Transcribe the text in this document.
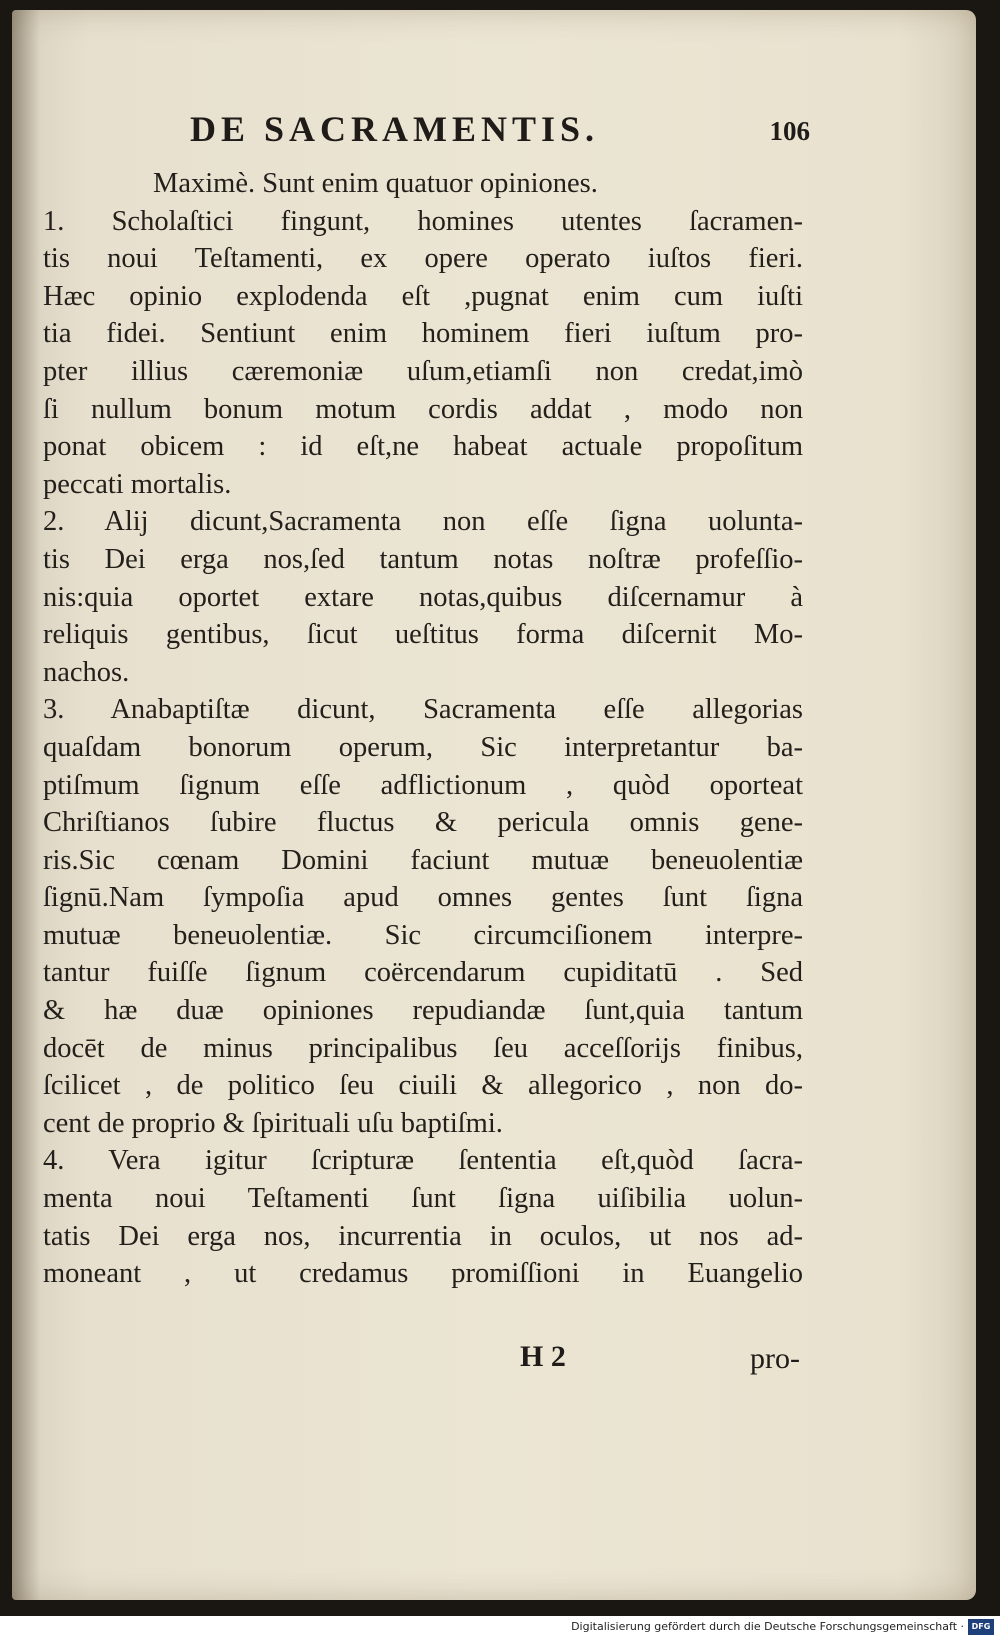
DE SACRAMENTIS.	106
Maximè. Sunt enim quatuor opiniones.
1. Scholaſtici fingunt, homines utentes ſacramen-
tis noui Teſtamenti, ex opere operato iuſtos fieri.
Hæc opinio explodenda eſt ,pugnat enim cum iuſti
tia fidei. Sentiunt enim hominem fieri iuſtum pro-
pter illius cæremoniæ uſum,etiamſi non credat,imò
ſi nullum bonum motum cordis addat , modo non
ponat obicem : id eſt,ne habeat actuale propoſitum
peccati mortalis.
2. Alij dicunt,Sacramenta non eſſe ſigna uolunta-
tis Dei erga nos,ſed tantum notas noſtræ profeſſio-
nis:quia oportet extare notas,quibus diſcernamur à
reliquis gentibus, ſicut ueſtitus forma diſcernit Mo-
nachos.
3. Anabaptiſtæ dicunt, Sacramenta eſſe allegorias
quaſdam bonorum operum, Sic interpretantur ba-
ptiſmum ſignum eſſe adflictionum , quòd oporteat
Chriſtianos ſubire fluctus & pericula omnis gene-
ris.Sic cœnam Domini faciunt mutuæ beneuolentiæ
ſignū.Nam ſympoſia apud omnes gentes ſunt ſigna
mutuæ beneuolentiæ. Sic circumciſionem interpre-
tantur fuiſſe ſignum coërcendarum cupiditatū . Sed
& hæ duæ opiniones repudiandæ ſunt,quia tantum
docēt de minus principalibus ſeu acceſſorijs finibus,
ſcilicet , de politico ſeu ciuili & allegorico , non do-
cent de proprio & ſpirituali uſu baptiſmi.
4. Vera igitur ſcripturæ ſententia eſt,quòd ſacra-
menta noui Teſtamenti ſunt ſigna uiſibilia uolun-
tatis Dei erga nos, incurrentia in oculos, ut nos ad-
moneant , ut credamus promiſſioni in Euangelio
H 2	pro-
Digitalisierung gefördert durch die Deutsche Forschungsgemeinschaft · DFG
